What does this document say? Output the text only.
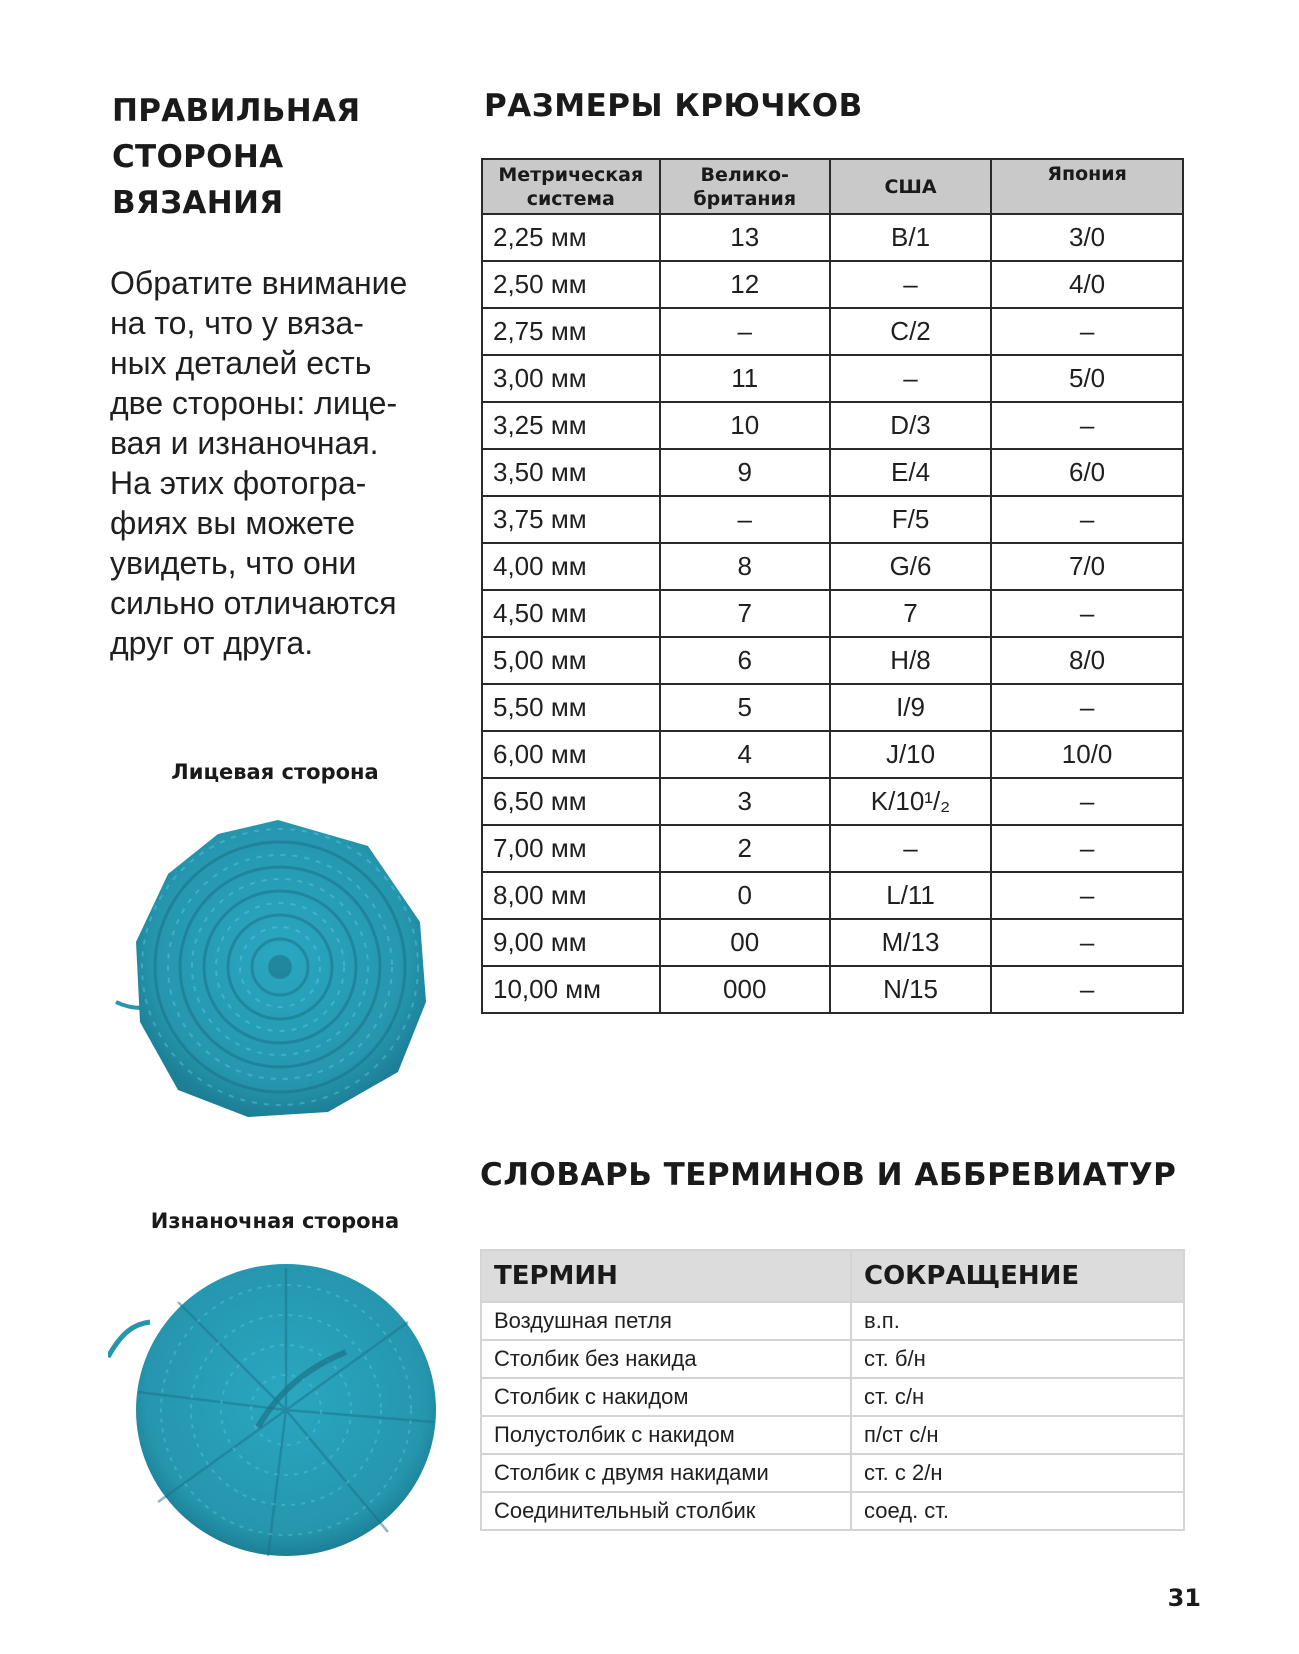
ПРАВИЛЬНАЯ
СТОРОНА ВЯЗАНИЯ

Обратите внимание
на то, что у вяза-
ных деталей есть
две стороны: лице-
вая и изнаночная.
На этих фотогра-
фиях вы можете
увидеть, что они
сильно отличаются
друг от друга.

Лицевая сторона
Изнаночная сторона
РАЗМЕРЫ КРЮЧКОВ
Метрическая
система	Велико-
британия	США	Япония
2,25 мм	13	B/1	3/0
2,50 мм	12	–	4/0
2,75 мм	–	C/2	–
3,00 мм	11	–	5/0
3,25 мм	10	D/3	–
3,50 мм	9	E/4	6/0
3,75 мм	–	F/5	–
4,00 мм	8	G/6	7/0
4,50 мм	7	7	–
5,00 мм	6	H/8	8/0
5,50 мм	5	I/9	–
6,00 мм	4	J/10	10/0
6,50 мм	3	K/10¹/₂	–
7,00 мм	2	–	–
8,00 мм	0	L/11	–
9,00 мм	00	M/13	–
10,00 мм	000	N/15	–
СЛОВАРЬ ТЕРМИНОВ И АББРЕВИАТУР
ТЕРМИН	СОКРАЩЕНИЕ
Воздушная петля	в.п.
Столбик без накида	ст. б/н
Столбик с накидом	ст. с/н
Полустолбик с накидом	п/ст с/н
Столбик с двумя накидами	ст. с 2/н
Соединительный столбик	соед. ст.
31
